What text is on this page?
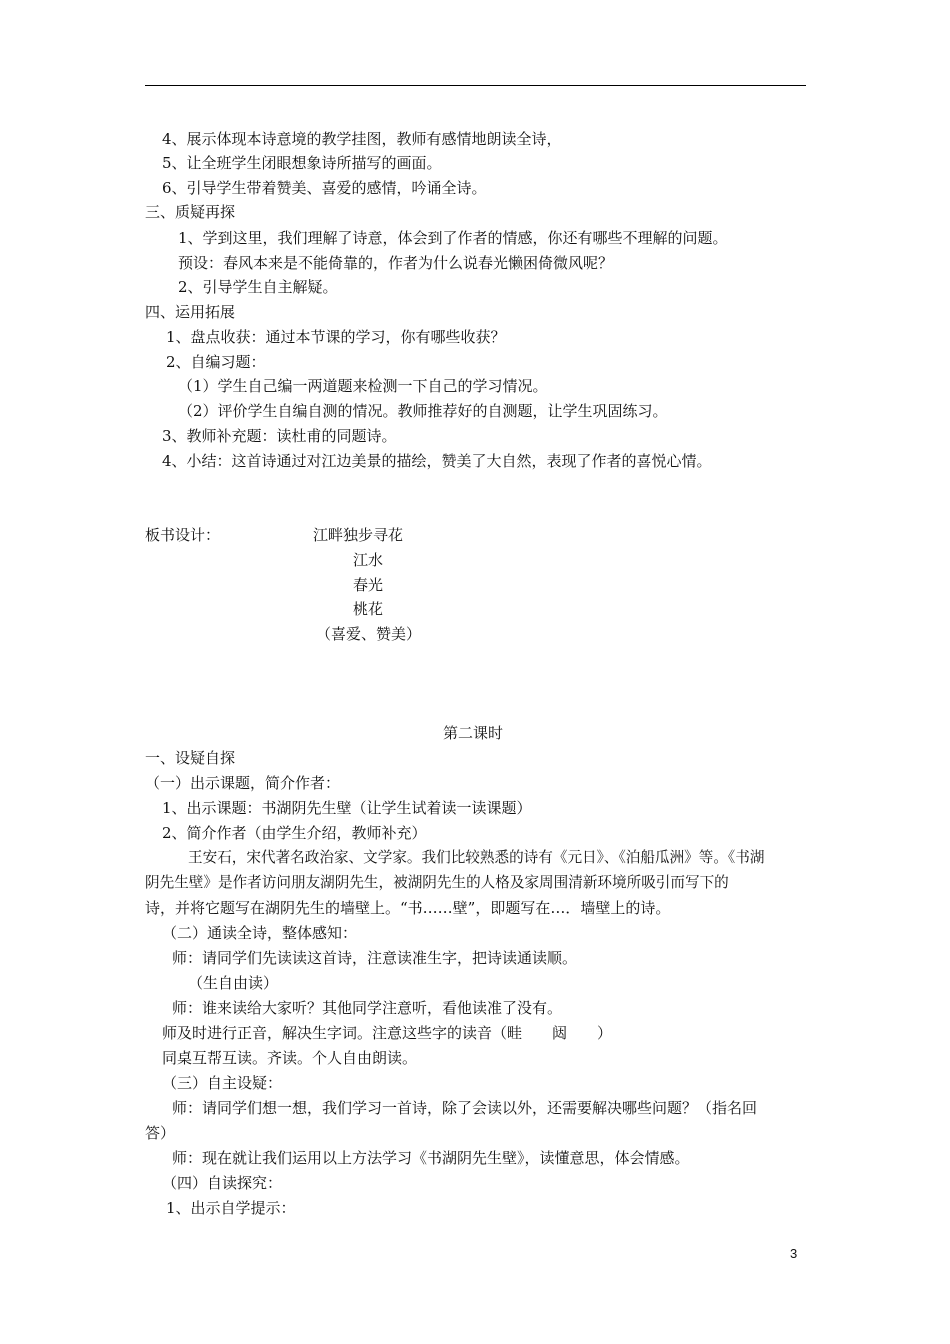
4、展示体现本诗意境的教学挂图，教师有感情地朗读全诗，
5、让全班学生闭眼想象诗所描写的画面。
6、引导学生带着赞美、喜爱的感情，吟诵全诗。
三、质疑再探
1、学到这里，我们理解了诗意，体会到了作者的情感，你还有哪些不理解的问题。
预设：春风本来是不能倚靠的，作者为什么说春光懒困倚微风呢？
2、引导学生自主解疑。
四、运用拓展
1、盘点收获：通过本节课的学习，你有哪些收获？
2、自编习题：
（1）学生自己编一两道题来检测一下自己的学习情况。
（2）评价学生自编自测的情况。教师推荐好的自测题，让学生巩固练习。
3、教师补充题：读杜甫的同题诗。
4、小结：这首诗通过对江边美景的描绘，赞美了大自然，表现了作者的喜悦心情。
板书设计：	江畔独步寻花
江水
春光
桃花
（喜爱、赞美）
第二课时
一、设疑自探
（一）出示课题，简介作者：
1、出示课题：书湖阴先生壁（让学生试着读一读课题）
2、简介作者（由学生介绍，教师补充）
王安石，宋代著名政治家、文学家。我们比较熟悉的诗有《元日》、《泊船瓜洲》等。《书湖
阴先生壁》是作者访问朋友湖阴先生，被湖阴先生的人格及家周围清新环境所吸引而写下的
诗，并将它题写在湖阴先生的墙壁上。“书……壁”，即题写在…．墙壁上的诗。
（二）通读全诗，整体感知：
师：请同学们先读读这首诗，注意读准生字，把诗读通读顺。
（生自由读）
师：谁来读给大家听？其他同学注意听，看他读准了没有。
师及时进行正音，解决生字词。注意这些字的读音（畦　　闼　　）
同桌互帮互读。齐读。个人自由朗读。
（三）自主设疑：
师：请同学们想一想，我们学习一首诗，除了会读以外，还需要解决哪些问题？（指名回
答）
师：现在就让我们运用以上方法学习《书湖阴先生壁》，读懂意思，体会情感。
（四）自读探究：
1、出示自学提示：
3
